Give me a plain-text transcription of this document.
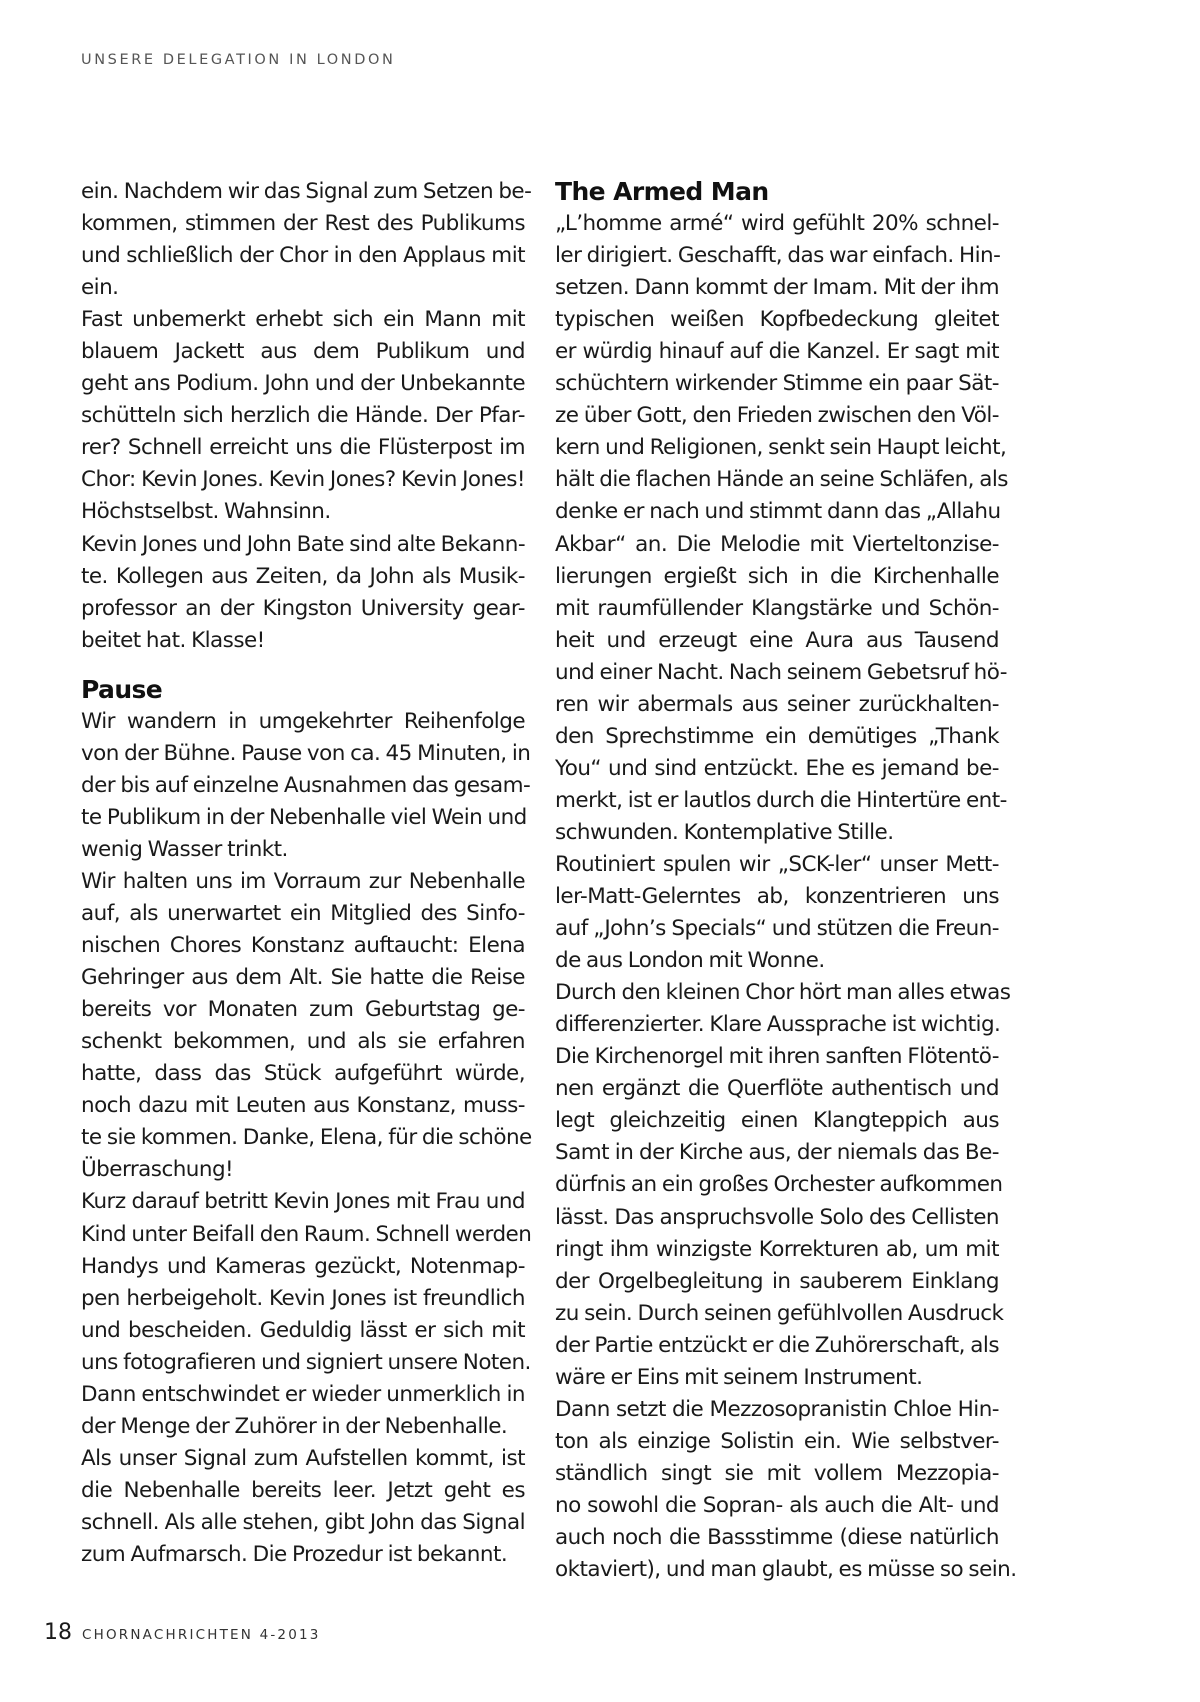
UNSERE DELEGATION IN LONDON
ein. Nachdem wir das Signal zum Setzen be-
kommen, stimmen der Rest des Publikums
und schließlich der Chor in den Applaus mit
ein.
Fast unbemerkt erhebt sich ein Mann mit
blauem Jackett aus dem Publikum und
geht ans Podium. John und der Unbekannte
schütteln sich herzlich die Hände. Der Pfar-
rer? Schnell erreicht uns die Flüsterpost im
Chor: Kevin Jones. Kevin Jones? Kevin Jones!
Höchstselbst. Wahnsinn.
Kevin Jones und John Bate sind alte Bekann-
te. Kollegen aus Zeiten, da John als Musik-
professor an der Kingston University gear-
beitet hat. Klasse!
Pause
Wir wandern in umgekehrter Reihenfolge
von der Bühne. Pause von ca. 45 Minuten, in
der bis auf einzelne Ausnahmen das gesam-
te Publikum in der Nebenhalle viel Wein und
wenig Wasser trinkt.
Wir halten uns im Vorraum zur Nebenhalle
auf, als unerwartet ein Mitglied des Sinfo-
nischen Chores Konstanz auftaucht: Elena
Gehringer aus dem Alt. Sie hatte die Reise
bereits vor Monaten zum Geburtstag ge-
schenkt bekommen, und als sie erfahren
hatte, dass das Stück aufgeführt würde,
noch dazu mit Leuten aus Konstanz, muss-
te sie kommen. Danke, Elena, für die schöne
Überraschung!
Kurz darauf betritt Kevin Jones mit Frau und
Kind unter Beifall den Raum. Schnell werden
Handys und Kameras gezückt, Notenmap-
pen herbeigeholt. Kevin Jones ist freundlich
und bescheiden. Geduldig lässt er sich mit
uns fotografieren und signiert unsere Noten.
Dann entschwindet er wieder unmerklich in
der Menge der Zuhörer in der Nebenhalle.
Als unser Signal zum Aufstellen kommt, ist
die Nebenhalle bereits leer. Jetzt geht es
schnell. Als alle stehen, gibt John das Signal
zum Aufmarsch. Die Prozedur ist bekannt.
The Armed Man
„L’homme armé“ wird gefühlt 20% schnel-
ler dirigiert. Geschafft, das war einfach. Hin-
setzen. Dann kommt der Imam. Mit der ihm
typischen weißen Kopfbedeckung gleitet
er würdig hinauf auf die Kanzel. Er sagt mit
schüchtern wirkender Stimme ein paar Sät-
ze über Gott, den Frieden zwischen den Völ-
kern und Religionen, senkt sein Haupt leicht,
hält die flachen Hände an seine Schläfen, als
denke er nach und stimmt dann das „Allahu
Akbar“ an. Die Melodie mit Vierteltonzise-
lierungen ergießt sich in die Kirchenhalle
mit raumfüllender Klangstärke und Schön-
heit und erzeugt eine Aura aus Tausend
und einer Nacht. Nach seinem Gebetsruf hö-
ren wir abermals aus seiner zurückhalten-
den Sprechstimme ein demütiges „Thank
You“ und sind entzückt. Ehe es jemand be-
merkt, ist er lautlos durch die Hintertüre ent-
schwunden. Kontemplative Stille.
Routiniert spulen wir „SCK-ler“ unser Mett-
ler-Matt-Gelerntes ab, konzentrieren uns
auf „John’s Specials“ und stützen die Freun-
de aus London mit Wonne.
Durch den kleinen Chor hört man alles etwas
differenzierter. Klare Aussprache ist wichtig.
Die Kirchenorgel mit ihren sanften Flötentö-
nen ergänzt die Querflöte authentisch und
legt gleichzeitig einen Klangteppich aus
Samt in der Kirche aus, der niemals das Be-
dürfnis an ein großes Orchester aufkommen
lässt. Das anspruchsvolle Solo des Cellisten
ringt ihm winzigste Korrekturen ab, um mit
der Orgelbegleitung in sauberem Einklang
zu sein. Durch seinen gefühlvollen Ausdruck
der Partie entzückt er die Zuhörerschaft, als
wäre er Eins mit seinem Instrument.
Dann setzt die Mezzosopranistin Chloe Hin-
ton als einzige Solistin ein. Wie selbstver-
ständlich singt sie mit vollem Mezzopia-
no sowohl die Sopran- als auch die Alt- und
auch noch die Bassstimme (diese natürlich
oktaviert), und man glaubt, es müsse so sein.
18 CHORNACHRICHTEN 4-2013
